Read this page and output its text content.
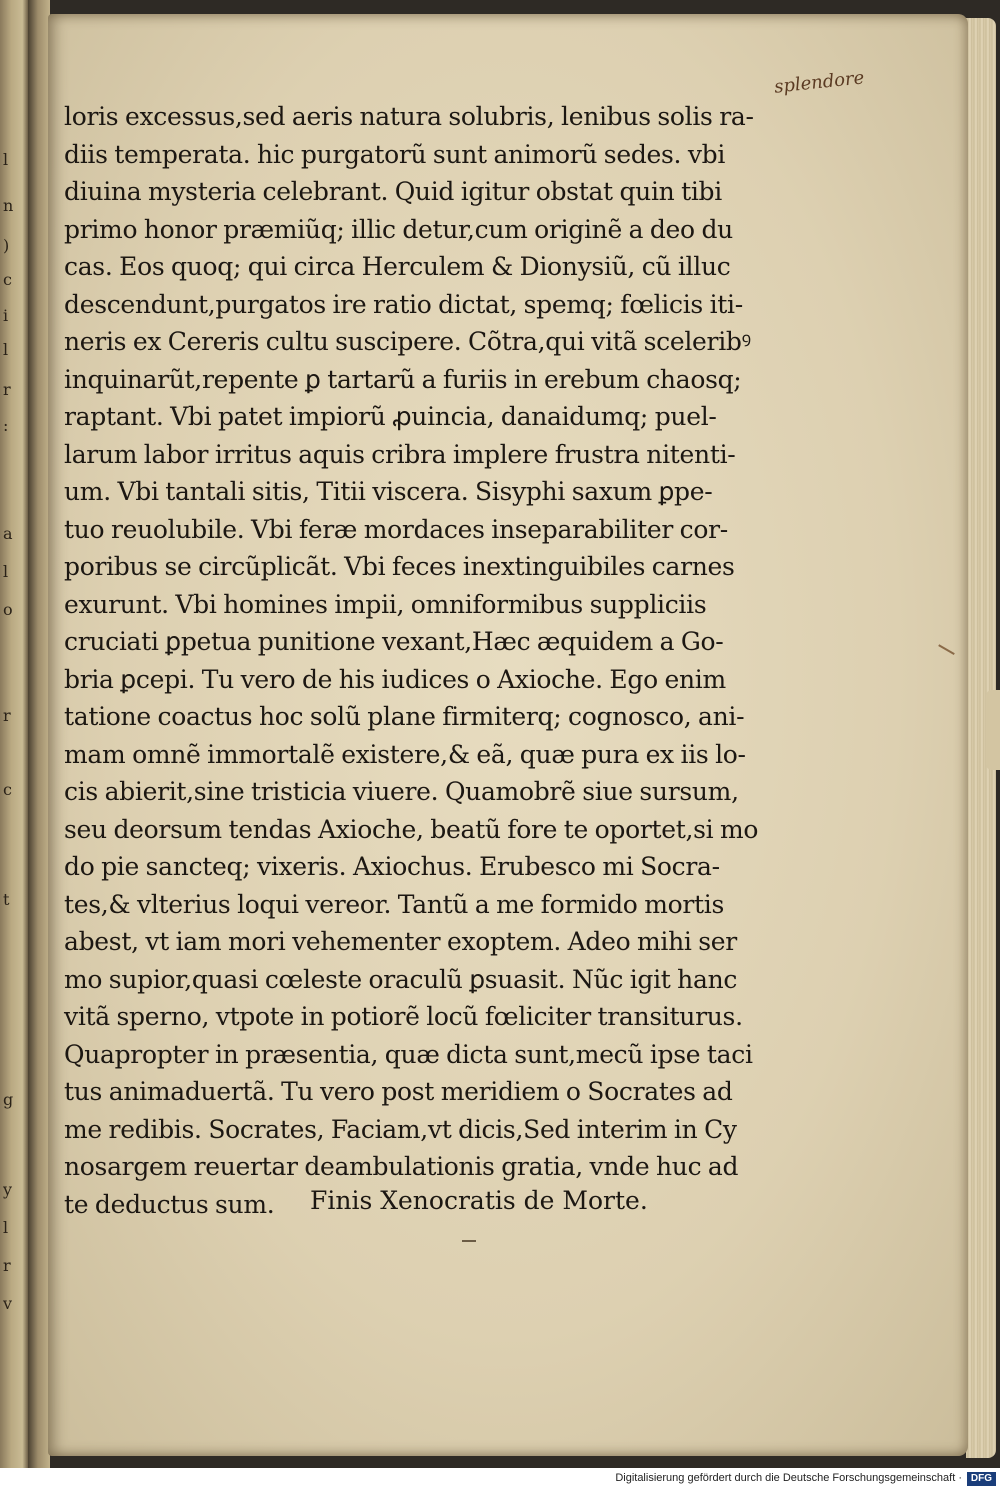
l
n
)
c
i
l
r
:
a
l
o
r
c
t
g
y
l
r
v
splendore
loris excessus,sed aeris natura solubris, lenibus solis ra-
diis temperata. hic purgatorũ sunt animorũ sedes. vbi
diuina mysteria celebrant. Quid igitur obstat quin tibi
primo honor præmiũq; illic detur,cum originẽ a deo du
cas. Eos quoq; qui circa Herculem & Dionysiũ, cũ illuc
descendunt,purgatos ire ratio dictat, spemq; fœlicis iti-
neris ex Cereris cultu suscipere. Cõtra,qui vitã sceleribꝰ
inquinarũt,repente ꝑ tartarũ a furiis in erebum chaosq;
raptant. Vbi patet impiorũ ꝓuincia, danaidumq; puel-
larum labor irritus aquis cribra implere frustra nitenti-
um. Vbi tantali sitis, Titii viscera. Sisyphi saxum ꝑpe-
tuo reuolubile. Vbi feræ mordaces inseparabiliter cor-
poribus se circũplicãt. Vbi feces inextinguibiles carnes
exurunt. Vbi homines impii, omniformibus suppliciis
cruciati ꝑpetua punitione vexant,Hæc æquidem a Go-
bria ꝑcepi. Tu vero de his iudices o Axioche. Ego enim
tatione coactus hoc solũ plane firmiterq; cognosco, ani-
mam omnẽ immortalẽ existere,& eã, quæ pura ex iis lo-
cis abierit,sine tristicia viuere. Quamobrẽ siue sursum,
seu deorsum tendas Axioche, beatũ fore te oportet,si mo
do pie sancteq; vixeris. Axiochus. Erubesco mi Socra-
tes,& vlterius loqui vereor. Tantũ a me formido mortis
abest, vt iam mori vehementer exoptem. Adeo mihi ser
mo supior,quasi cœleste oraculũ ꝑsuasit. Nũc igit hanc
vitã sperno, vtpote in potiorẽ locũ fœliciter transiturus.
Quapropter in præsentia, quæ dicta sunt,mecũ ipse taci
tus animaduertã. Tu vero post meridiem o Socrates ad
me redibis. Socrates, Faciam,vt dicis,Sed interim in Cy
nosargem reuertar deambulationis gratia, vnde huc ad
te deductus sum.	Finis Xenocratis de Morte.
Digitalisierung gefördert durch die Deutsche Forschungsgemeinschaft · DFG
